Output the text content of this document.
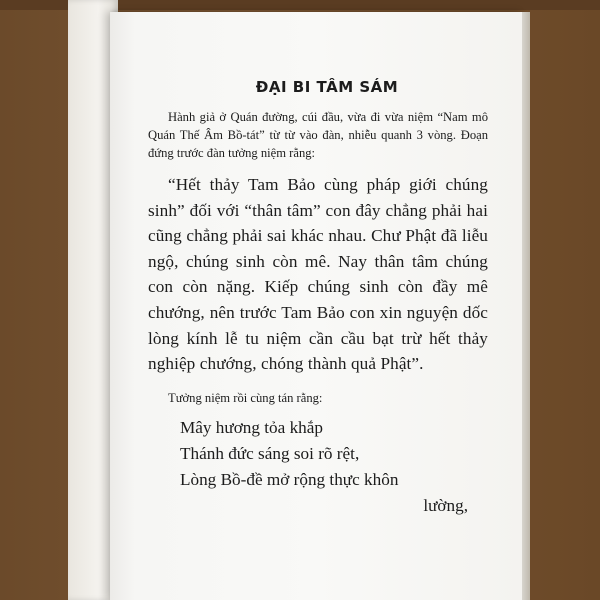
ĐẠI BI TÂM SÁM

Hành giả ở Quán đường, cúi đầu, vừa đi vừa niệm “Nam mô Quán Thế Âm Bồ-tát” từ từ vào đàn, nhiễu quanh 3 vòng. Đoạn đứng trước đàn tưởng niệm rằng:

“Hết thảy Tam Bảo cùng pháp giới chúng sinh” đối với “thân tâm” con đây chẳng phải hai cũng chẳng phải sai khác nhau. Chư Phật đã liễu ngộ, chúng sinh còn mê. Nay thân tâm chúng con còn nặng. Kiếp chúng sinh còn đầy mê chướng, nên trước Tam Bảo con xin nguyện dốc lòng kính lễ tu niệm cần cầu bạt trừ hết thảy nghiệp chướng, chóng thành quả Phật”.

Tưởng niệm rồi cùng tán rằng:

Mây hương tỏa khắp
Thánh đức sáng soi rõ rệt,
Lòng Bồ-đề mở rộng thực khôn
lường,
